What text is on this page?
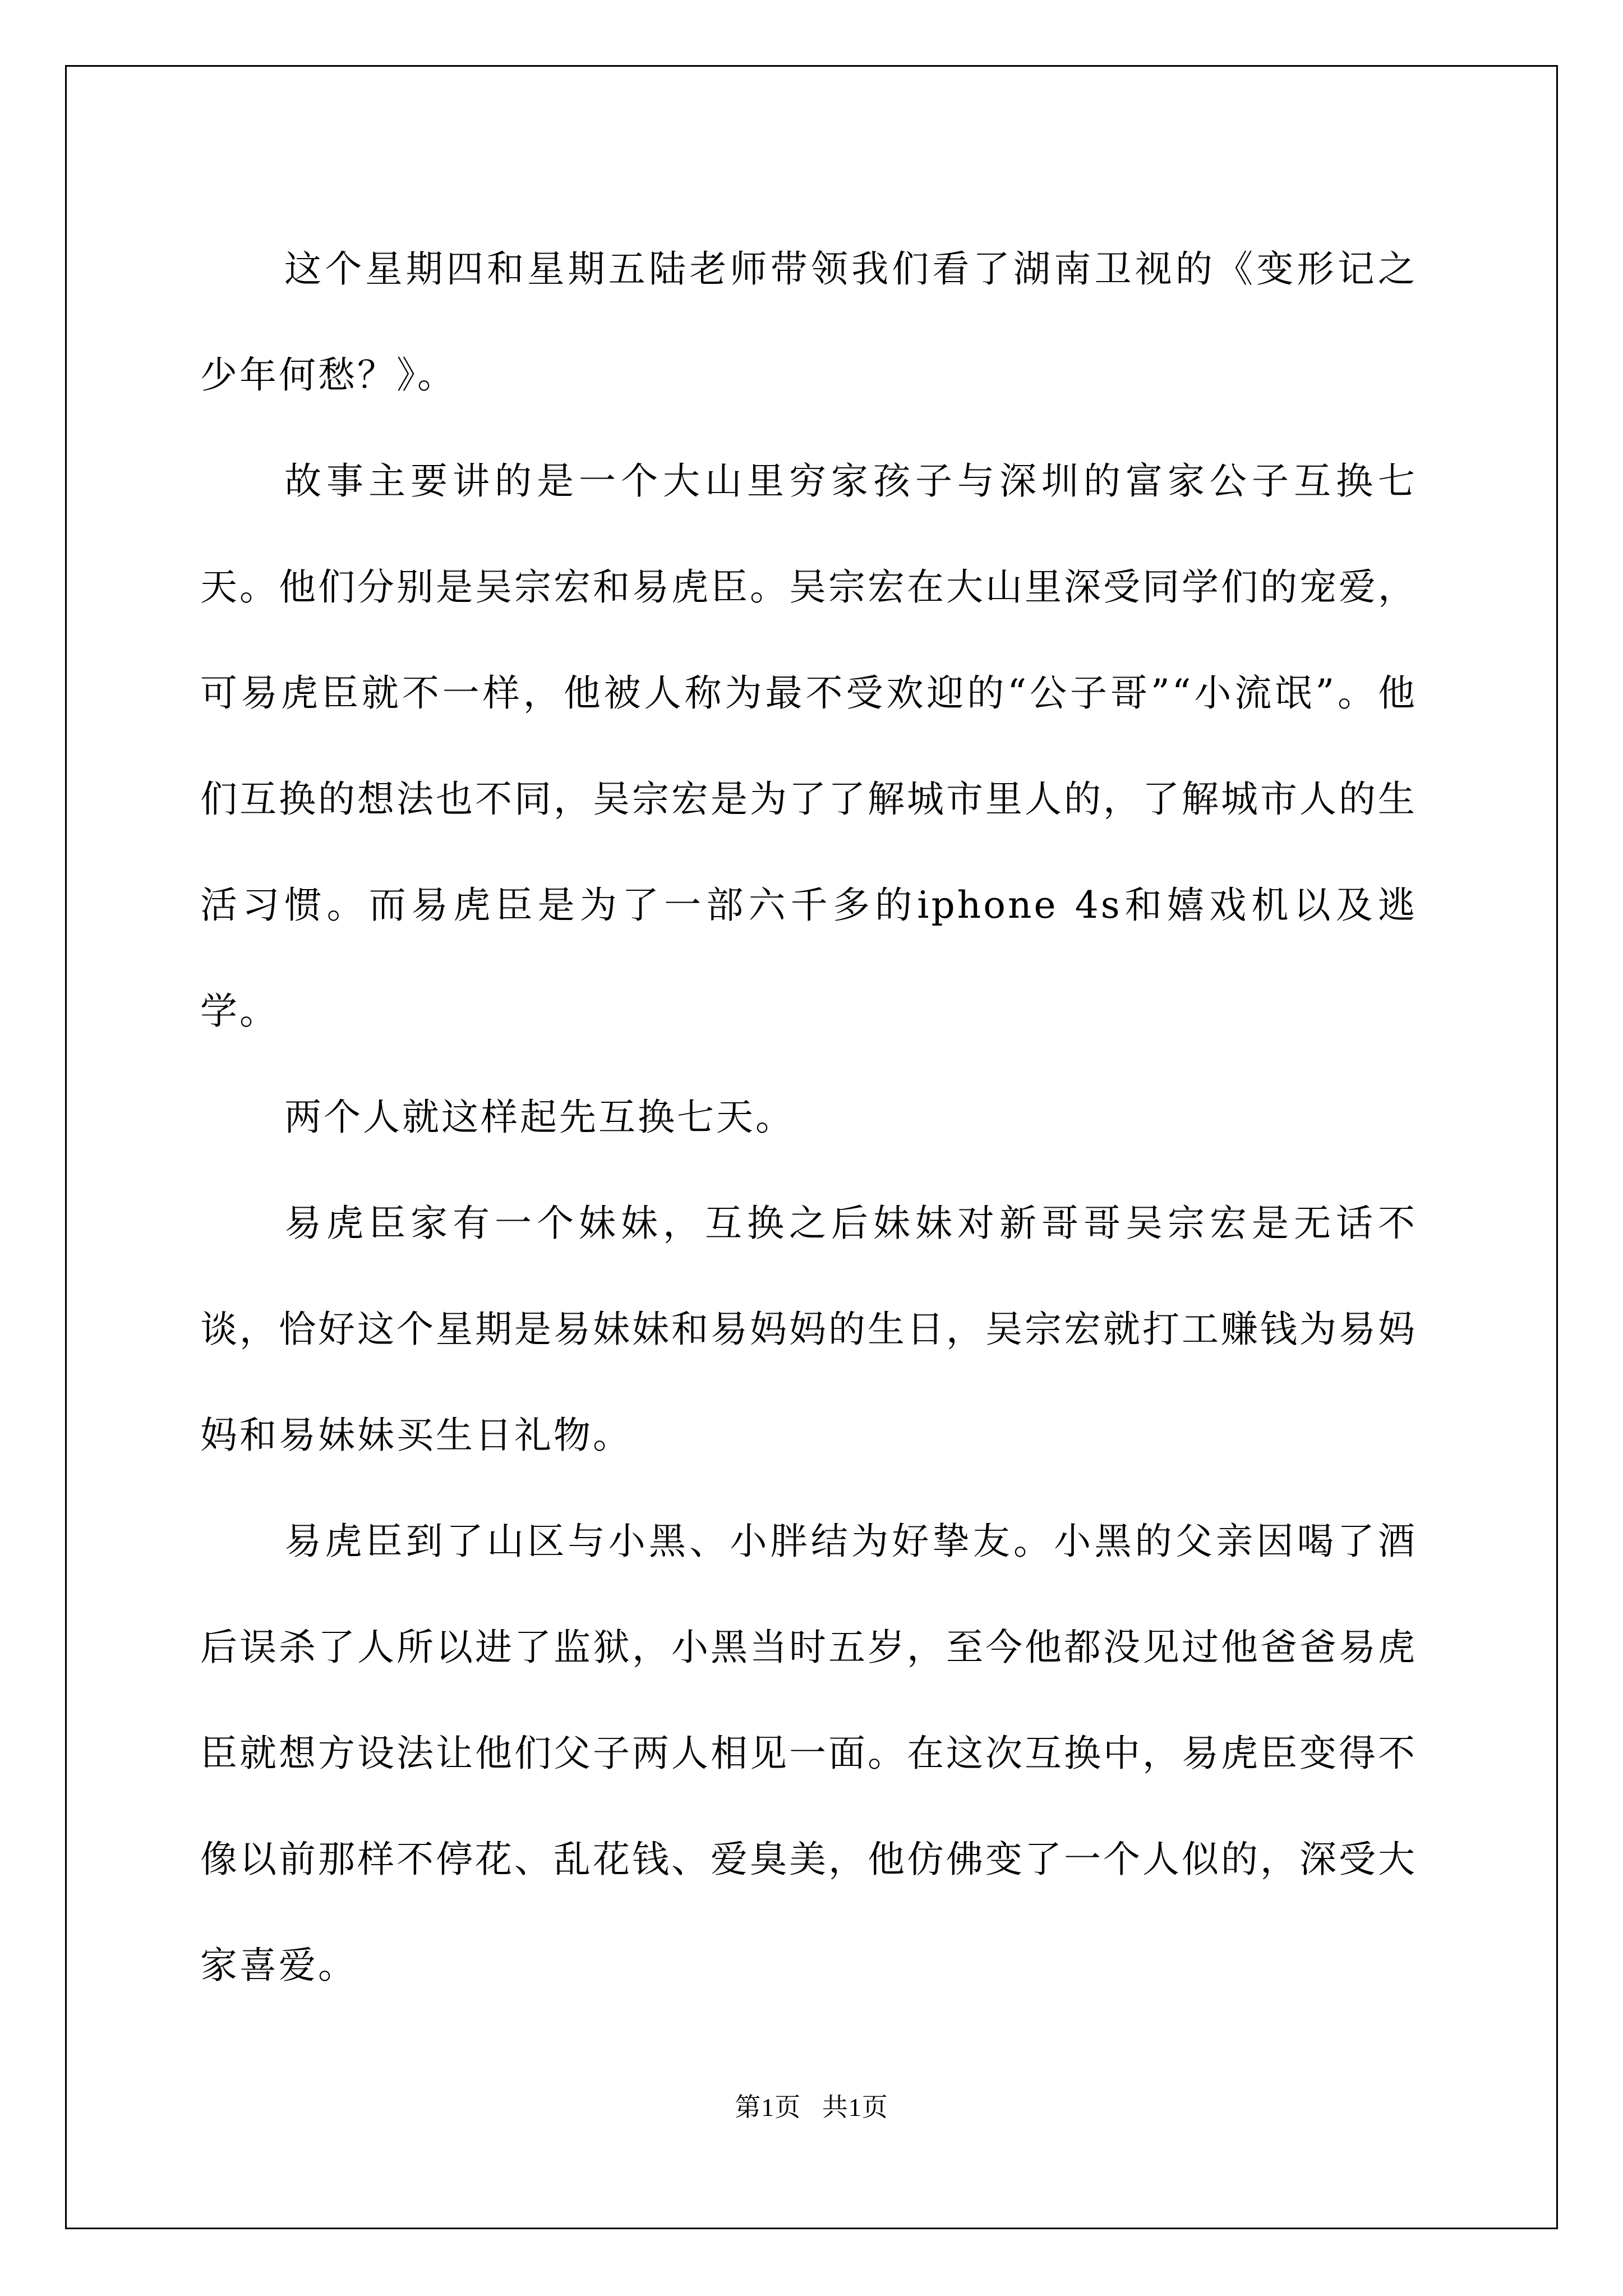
这个星期四和星期五陆老师带领我们看了湖南卫视的《变形记之少年何愁？》。

故事主要讲的是一个大山里穷家孩子与深圳的富家公子互换七天。他们分别是吴宗宏和易虎臣。吴宗宏在大山里深受同学们的宠爱，可易虎臣就不一样，他被人称为最不受欢迎的“公子哥”“小流氓”。他们互换的想法也不同，吴宗宏是为了了解城市里人的，了解城市人的生活习惯。而易虎臣是为了一部六千多的iphone 4s和嬉戏机以及逃学。

两个人就这样起先互换七天。

易虎臣家有一个妹妹，互换之后妹妹对新哥哥吴宗宏是无话不谈，恰好这个星期是易妹妹和易妈妈的生日，吴宗宏就打工赚钱为易妈妈和易妹妹买生日礼物。

易虎臣到了山区与小黑、小胖结为好挚友。小黑的父亲因喝了酒后误杀了人所以进了监狱，小黑当时五岁，至今他都没见过他爸爸易虎臣就想方设法让他们父子两人相见一面。在这次互换中，易虎臣变得不像以前那样不停花、乱花钱、爱臭美，他仿佛变了一个人似的，深受大家喜爱。

第1页 共1页
